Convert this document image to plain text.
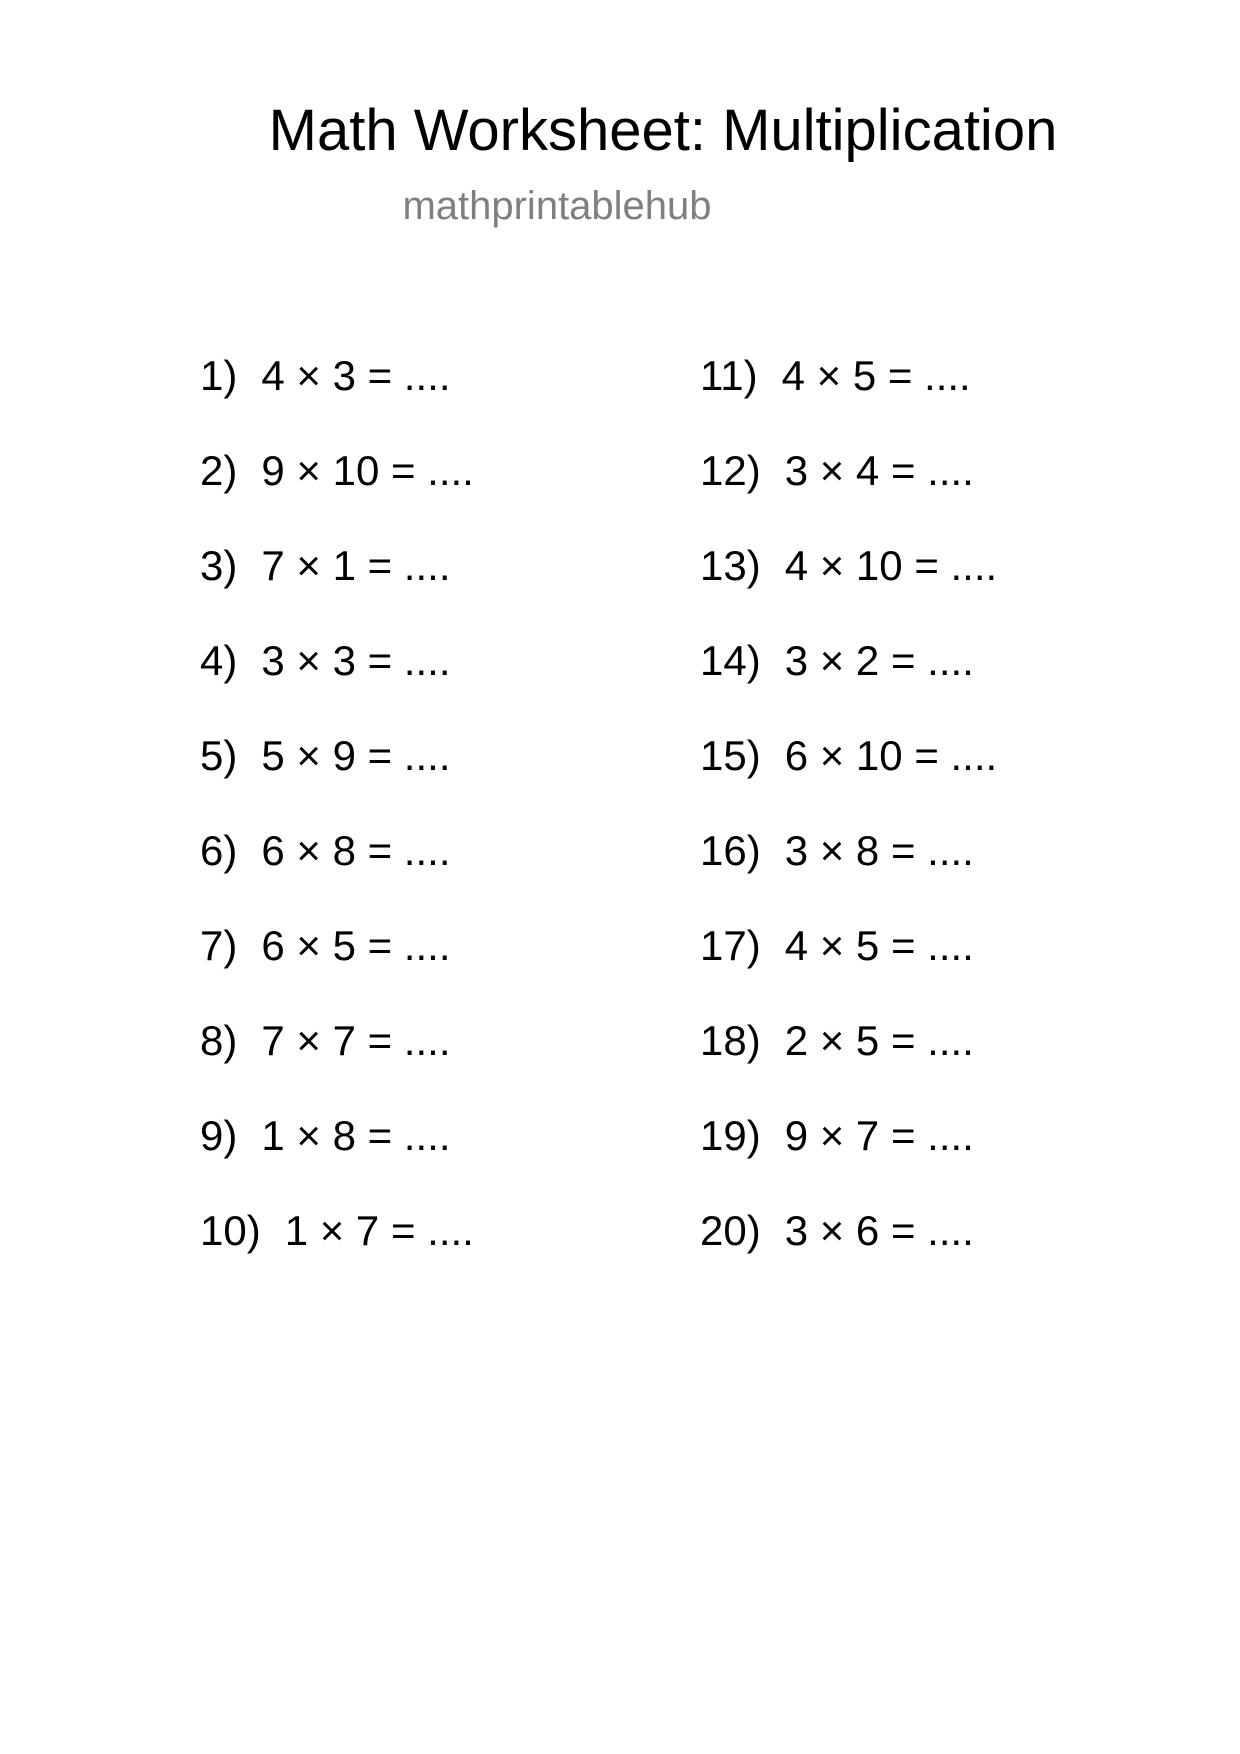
Math Worksheet: Multiplication
mathprintablehub
1) 4 × 3 = ....
2) 9 × 10 = ....
3) 7 × 1 = ....
4) 3 × 3 = ....
5) 5 × 9 = ....
6) 6 × 8 = ....
7) 6 × 5 = ....
8) 7 × 7 = ....
9) 1 × 8 = ....
10) 1 × 7 = ....
11) 4 × 5 = ....
12) 3 × 4 = ....
13) 4 × 10 = ....
14) 3 × 2 = ....
15) 6 × 10 = ....
16) 3 × 8 = ....
17) 4 × 5 = ....
18) 2 × 5 = ....
19) 9 × 7 = ....
20) 3 × 6 = ....
